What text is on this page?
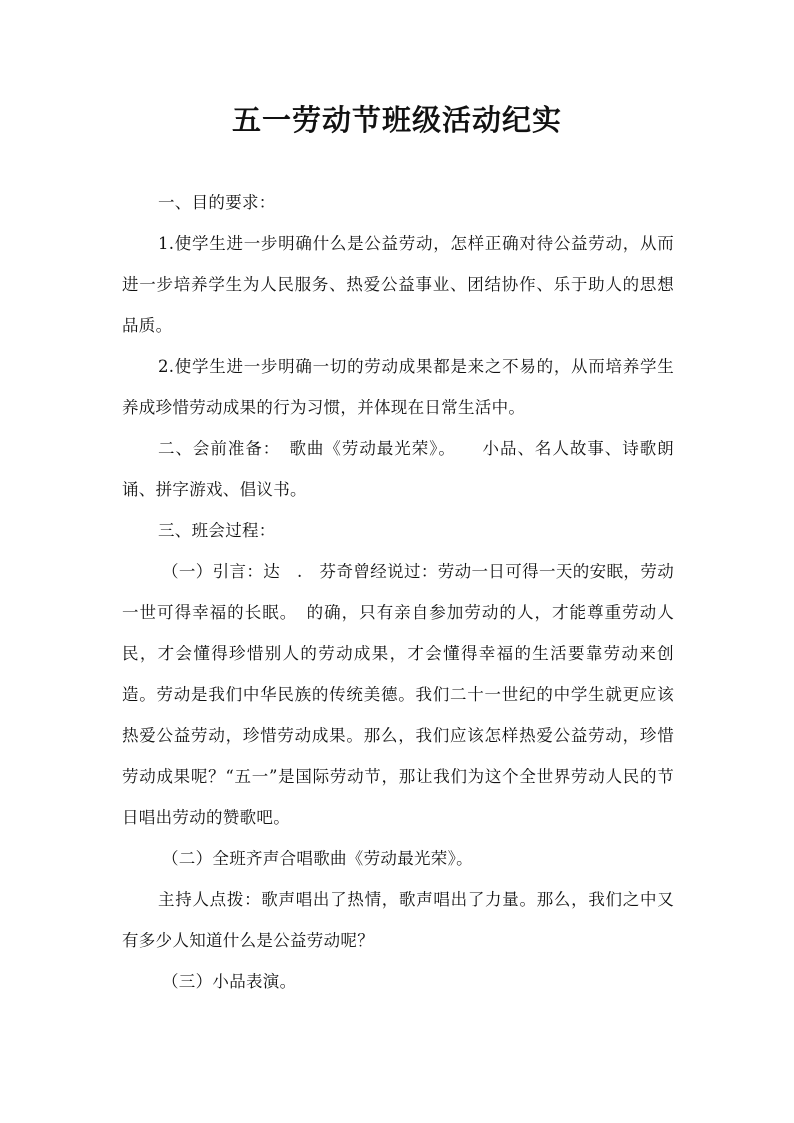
五一劳动节班级活动纪实

一、目的要求：

1.使学生进一步明确什么是公益劳动，怎样正确对待公益劳动，从而进一步培养学生为人民服务、热爱公益事业、团结协作、乐于助人的思想品质。

2.使学生进一步明确一切的劳动成果都是来之不易的，从而培养学生养成珍惜劳动成果的行为习惯，并体现在日常生活中。

二、会前准备：　歌曲《劳动最光荣》。　　小品、名人故事、诗歌朗诵、拼字游戏、倡议书。

三、班会过程：

（一）引言：达　.　芬奇曾经说过：劳动一日可得一天的安眠，劳动一世可得幸福的长眠。　的确，只有亲自参加劳动的人，才能尊重劳动人民，才会懂得珍惜别人的劳动成果，才会懂得幸福的生活要靠劳动来创造。劳动是我们中华民族的传统美德。我们二十一世纪的中学生就更应该热爱公益劳动，珍惜劳动成果。那么，我们应该怎样热爱公益劳动，珍惜劳动成果呢？“五一”是国际劳动节，那让我们为这个全世界劳动人民的节日唱出劳动的赞歌吧。

（二）全班齐声合唱歌曲《劳动最光荣》。

主持人点拨：歌声唱出了热情，歌声唱出了力量。那么，我们之中又有多少人知道什么是公益劳动呢？

（三）小品表演。
